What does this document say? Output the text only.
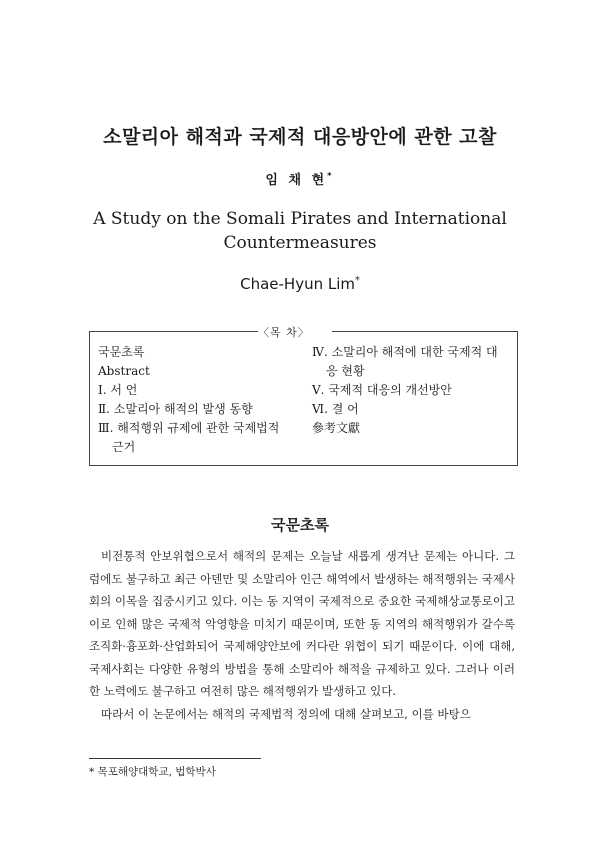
소말리아 해적과 국제적 대응방안에 관한 고찰
임 채 현*
A Study on the Somali Pirates and International
Countermeasures
Chae-Hyun Lim*
〈목 차〉
국문초록
Abstract
Ⅰ. 서 언
Ⅱ. 소말리아 해적의 발생 동향
Ⅲ. 해적행위 규제에 관한 국제법적
근거
Ⅳ. 소말리아 해적에 대한 국제적 대
응 현황
Ⅴ. 국제적 대응의 개선방안
Ⅵ. 결 어
參考文獻
국문초록

비전통적 안보위협으로서 해적의 문제는 오늘날 새롭게 생겨난 문제는 아니다. 그럼에도 불구하고 최근 아덴만 및 소말리아 인근 해역에서 발생하는 해적행위는 국제사회의 이목을 집중시키고 있다. 이는 동 지역이 국제적으로 중요한 국제해상교통로이고 이로 인해 많은 국제적 악영향을 미치기 때문이며, 또한 동 지역의 해적행위가 갈수록 조직화·흉포화·산업화되어 국제해양안보에 커다란 위협이 되기 때문이다. 이에 대해, 국제사회는 다양한 유형의 방법을 통해 소말리아 해적을 규제하고 있다. 그러나 이러한 노력에도 불구하고 여전히 많은 해적행위가 발생하고 있다.

따라서 이 논문에서는 해적의 국제법적 정의에 대해 살펴보고, 이를 바탕으

* 목포해양대학교, 법학박사
